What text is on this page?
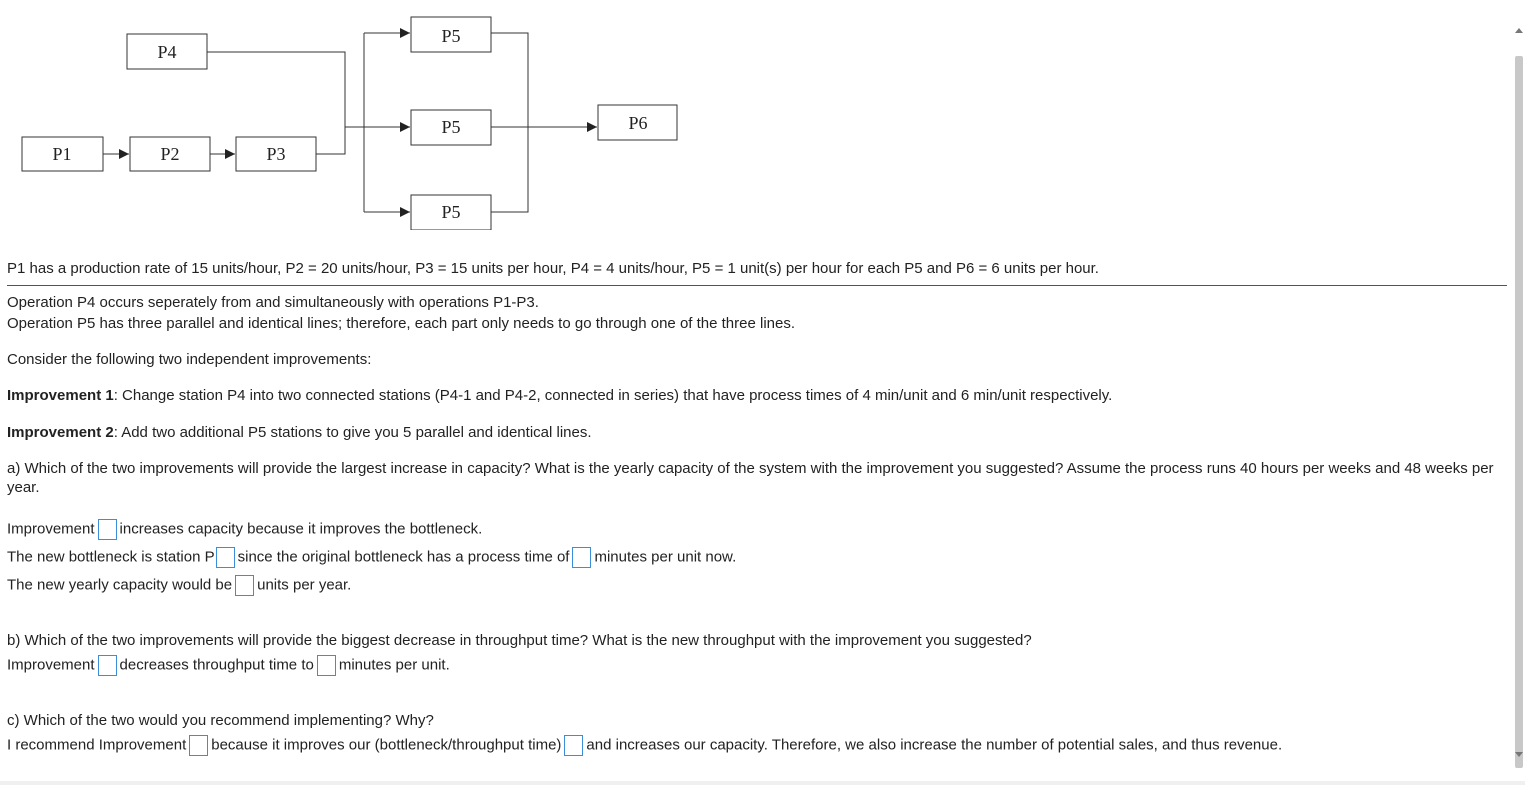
P1	P2	P3
P4
P5
P5
P5
P6

P1 has a production rate of 15 units/hour, P2 = 20 units/hour, P3 = 15 units per hour, P4 = 4 units/hour, P5 = 1 unit(s) per hour for each P5 and P6 = 6 units per hour.

Operation P4 occurs seperately from and simultaneously with operations P1-P3.

Operation P5 has three parallel and identical lines; therefore, each part only needs to go through one of the three lines.

Consider the following two independent improvements:

Improvement 1: Change station P4 into two connected stations (P4-1 and P4-2, connected in series) that have process times of 4 min/unit and 6 min/unit respectively.

Improvement 2: Add two additional P5 stations to give you 5 parallel and identical lines.

a) Which of the two improvements will provide the largest increase in capacity? What is the yearly capacity of the system with the improvement you suggested? Assume the process runs 40 hours per weeks and 48 weeks per year.

Improvement increases capacity because it improves the bottleneck.

The new bottleneck is station P since the original bottleneck has a process time of minutes per unit now.

The new yearly capacity would be units per year.

b) Which of the two improvements will provide the biggest decrease in throughput time? What is the new throughput with the improvement you suggested?

Improvement decreases throughput time to minutes per unit.

c) Which of the two would you recommend implementing? Why?

I recommend Improvement because it improves our (bottleneck/throughput time) and increases our capacity. Therefore, we also increase the number of potential sales, and thus revenue.
